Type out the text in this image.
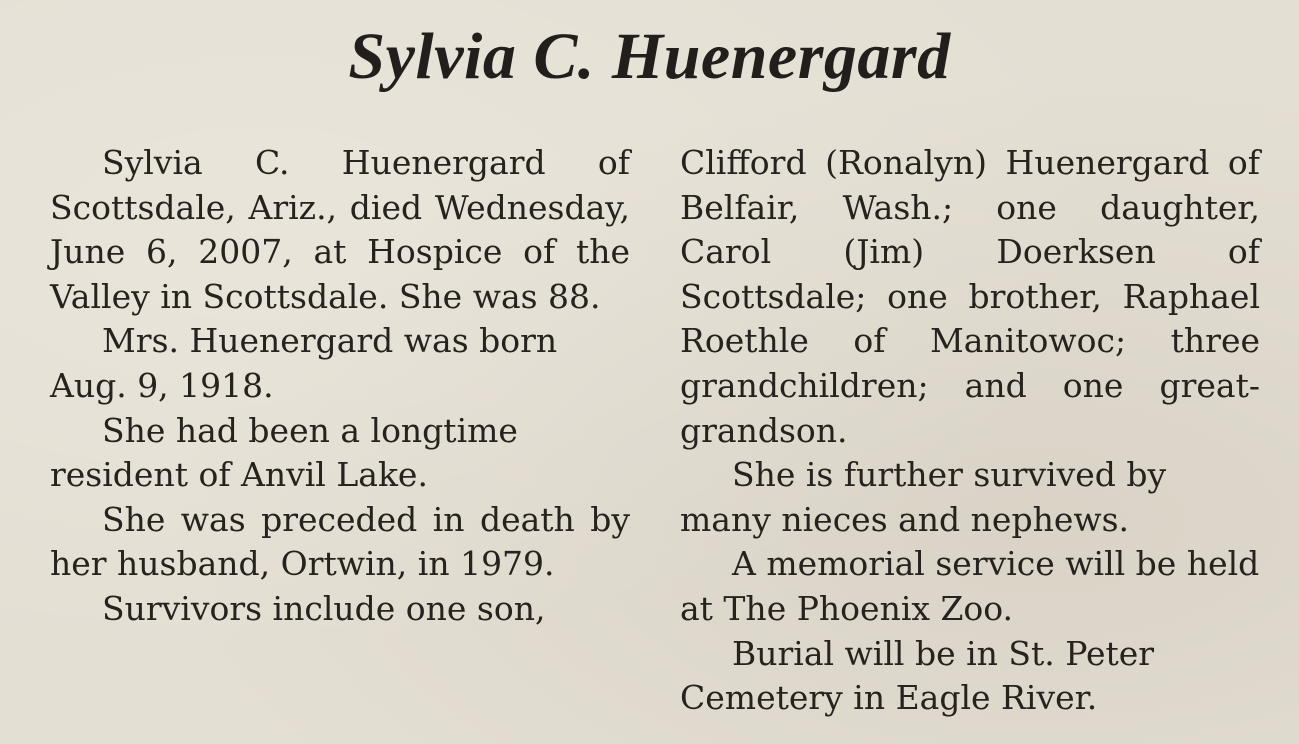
Sylvia C. Huenergard

Sylvia C. Huenergard of Scottsdale, Ariz., died Wednesday, June 6, 2007, at Hospice of the Valley in Scottsdale. She was 88.

Mrs. Huenergard was born Aug. 9, 1918.

She had been a longtime resident of Anvil Lake.

She was preceded in death by her husband, Ortwin, in 1979.

Survivors include one son,

Clifford (Ronalyn) Huenergard of Belfair, Wash.; one daughter, Carol (Jim) Doerksen of Scottsdale; one brother, Raphael Roethle of Manitowoc; three grandchildren; and one great-grandson.

She is further survived by many nieces and nephews.

A memorial service will be held at The Phoenix Zoo.

Burial will be in St. Peter Cemetery in Eagle River.
